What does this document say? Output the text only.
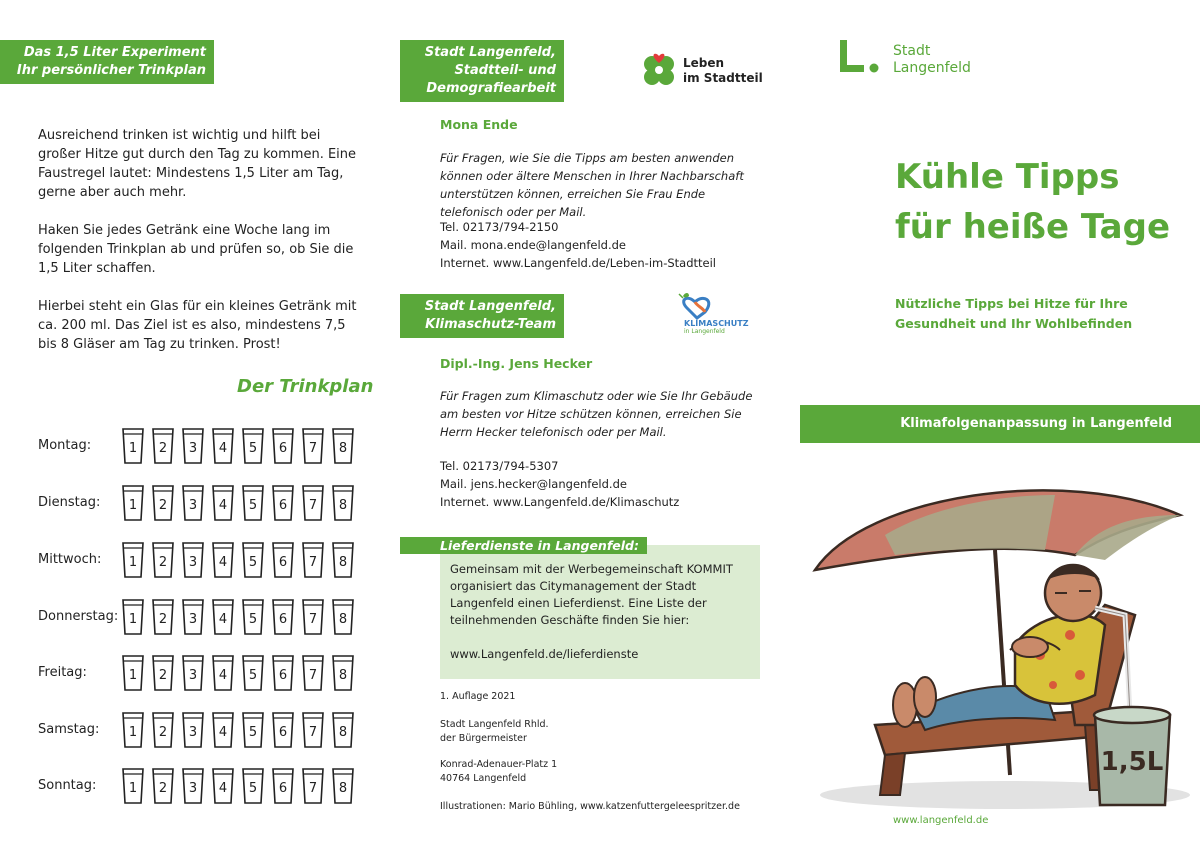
Das 1,5 Liter Experiment
Ihr persönlicher Trinkplan

Ausreichend trinken ist wichtig und hilft bei großer Hitze gut durch den Tag zu kommen. Eine Faustregel lautet: Mindestens 1,5 Liter am Tag, gerne aber auch mehr.

Haken Sie jedes Getränk eine Woche lang im folgenden Trinkplan ab und prüfen so, ob Sie die 1,5 Liter schaffen.

Hierbei steht ein Glas für ein kleines Getränk mit ca. 200 ml. Das Ziel ist es also, mindestens 7,5 bis 8 Gläser am Tag zu trinken. Prost!

Der Trinkplan
Montag:	1	2	3	4	5	6	7	8
Dienstag:	1	2	3	4	5	6	7	8
Mittwoch:	1	2	3	4	5	6	7	8
Donnerstag: 1	2	3	4	5	6	7	8
Freitag:	1	2	3	4	5	6	7	8
Samstag:	1	2	3	4	5	6	7	8
Sonntag:	1	2	3	4	5	6	7	8
Stadt Langenfeld,
Stadtteil- und
Demografiearbeit
Leben
im Stadtteil
Mona Ende
Für Fragen, wie Sie die Tipps am besten anwenden können oder ältere Menschen in Ihrer Nachbarschaft unterstützen können, erreichen Sie Frau Ende telefonisch oder per Mail.
Tel. 02173/794-2150
Mail. mona.ende@langenfeld.de
Internet. www.Langenfeld.de/Leben-im-Stadtteil
Stadt Langenfeld,
Klimaschutz-Team	KLIMASCHUTZ
in Langenfeld
Dipl.-Ing. Jens Hecker
Für Fragen zum Klimaschutz oder wie Sie Ihr Gebäude am besten vor Hitze schützen können, erreichen Sie Herrn Hecker telefonisch oder per Mail.
Tel. 02173/794-5307
Mail. jens.hecker@langenfeld.de
Internet. www.Langenfeld.de/Klimaschutz
Gemeinsam mit der Werbegemeinschaft KOMMIT organisiert das Citymanagement der Stadt Langenfeld einen Lieferdienst. Eine Liste der teilnehmenden Geschäfte finden Sie hier:
www.Langenfeld.de/lieferdienste
Lieferdienste in Langenfeld:
1. Auflage 2021
Stadt Langenfeld Rhld.
der Bürgermeister
Konrad-Adenauer-Platz 1
40764 Langenfeld
Illustrationen: Mario Bühling, www.katzenfuttergeleespritzer.de
Stadt
Langenfeld
Kühle Tipps
für heiße Tage
Nützliche Tipps bei Hitze für Ihre
Gesundheit und Ihr Wohlbefinden
Klimafolgenanpassung in Langenfeld
1,5L
www.langenfeld.de
